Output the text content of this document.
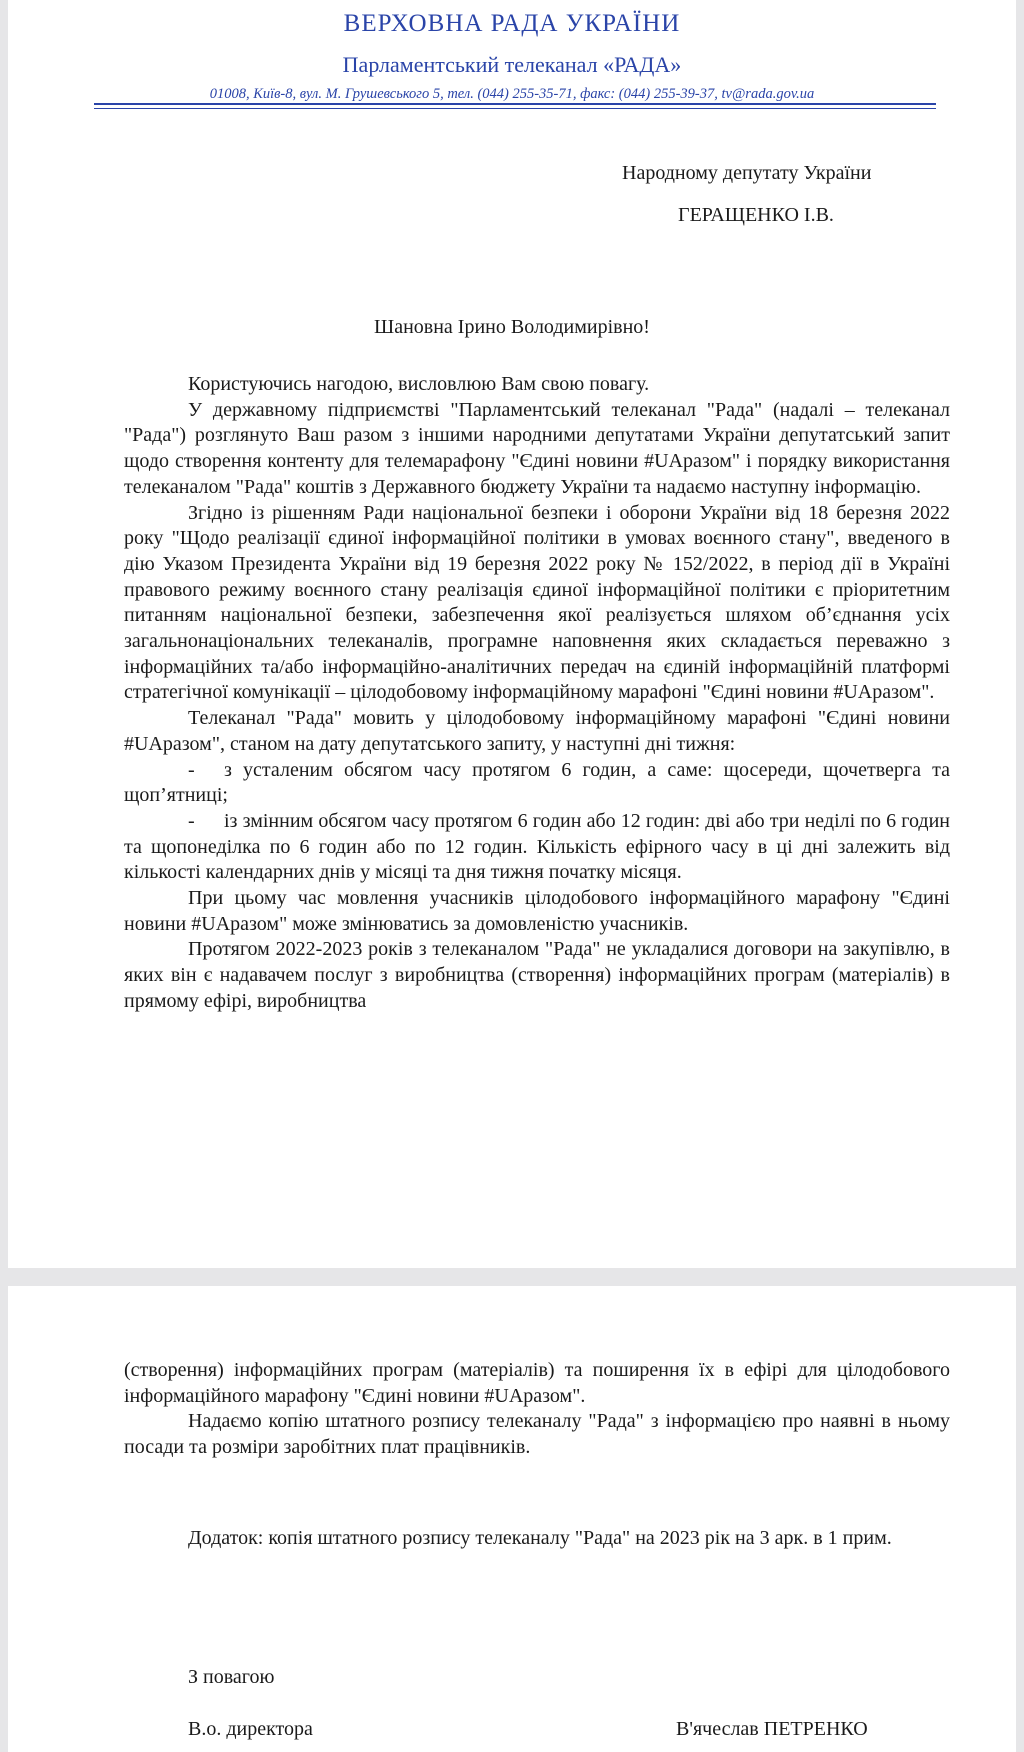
ВЕРХОВНА РАДА УКРАЇНИ
Парламентський телеканал «РАДА»
01008, Київ-8, вул. М. Грушевського 5, тел. (044) 255-35-71, факс: (044) 255-39-37, tv@rada.gov.ua
Народному депутату України
ГЕРАЩЕНКО І.В.
Шановна Ірино Володимирівно!

Користуючись нагодою, висловлюю Вам свою повагу.

У державному підприємстві "Парламентський телеканал "Рада" (надалі – телеканал "Рада") розглянуто Ваш разом з іншими народними депутатами України депутатський запит щодо створення контенту для телемарафону "Єдині новини #UAразом" і порядку використання телеканалом "Рада" коштів з Державного бюджету України та надаємо наступну інформацію.

Згідно із рішенням Ради національної безпеки і оборони України від 18 березня 2022 року "Щодо реалізації єдиної інформаційної політики в умовах воєнного стану", введеного в дію Указом Президента України від 19 березня 2022 року № 152/2022, в період дії в Україні правового режиму воєнного стану реалізація єдиної інформаційної політики є пріоритетним питанням національної безпеки, забезпечення якої реалізується шляхом об’єднання усіх загальнонаціональних телеканалів, програмне наповнення яких складається переважно з інформаційних та/або інформаційно-аналітичних передач на єдиній інформаційній платформі стратегічної комунікації – цілодобовому інформаційному марафоні "Єдині новини #UAразом".

Телеканал "Рада" мовить у цілодобовому інформаційному марафоні "Єдині новини #UAразом", станом на дату депутатського запиту, у наступні дні тижня:

- з усталеним обсягом часу протягом 6 годин, а саме: щосереди, щочетверга та щоп’ятниці;

- із змінним обсягом часу протягом 6 годин або 12 годин: дві або три неділі по 6 годин та щопонеділка по 6 годин або по 12 годин. Кількість ефірного часу в ці дні залежить від кількості календарних днів у місяці та дня тижня початку місяця.

При цьому час мовлення учасників цілодобового інформаційного марафону "Єдині новини #UAразом" може змінюватись за домовленістю учасників.

Протягом 2022-2023 років з телеканалом "Рада" не укладалися договори на закупівлю, в яких він є надавачем послуг з виробництва (створення) інформаційних програм (матеріалів) в прямому ефірі, виробництва

(створення) інформаційних програм (матеріалів) та поширення їх в ефірі для цілодобового інформаційного марафону "Єдині новини #UAразом".

Надаємо копію штатного розпису телеканалу "Рада" з інформацією про наявні в ньому посади та розміри заробітних плат працівників.

Додаток: копія штатного розпису телеканалу "Рада" на 2023 рік на 3 арк. в 1 прим.

З повагою
В.о. директора	В'ячеслав ПЕТРЕНКО
